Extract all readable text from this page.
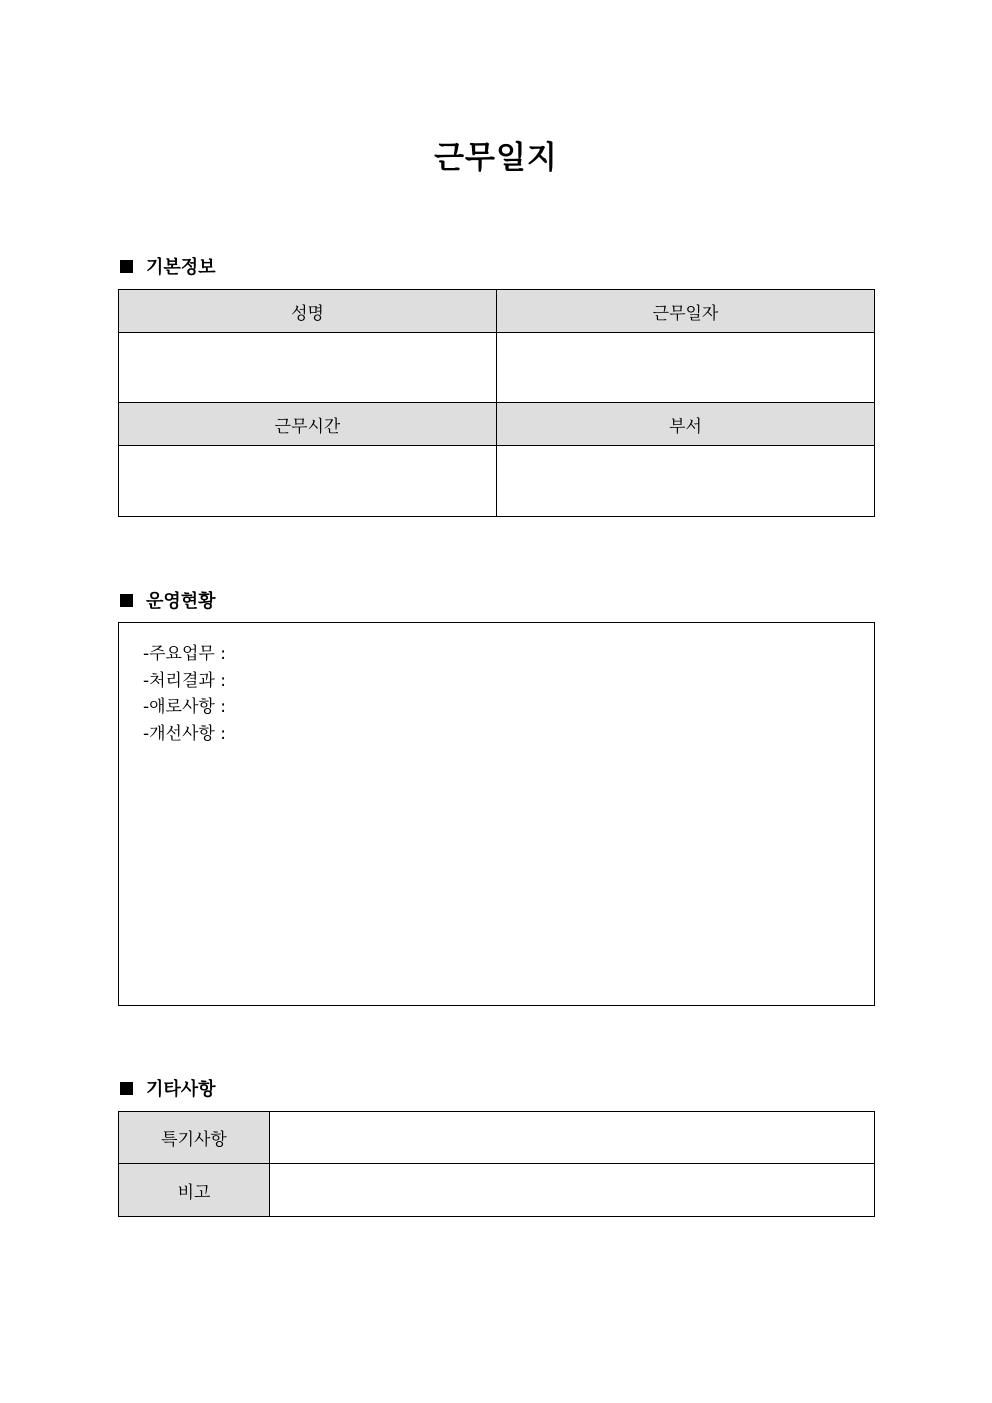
근무일지
기본정보
성명	근무일자

근무시간	부서

운영현황
-주요업무 :
-처리결과 :
-애로사항 :
-개선사항 :
기타사항
특기사항	
비고	
